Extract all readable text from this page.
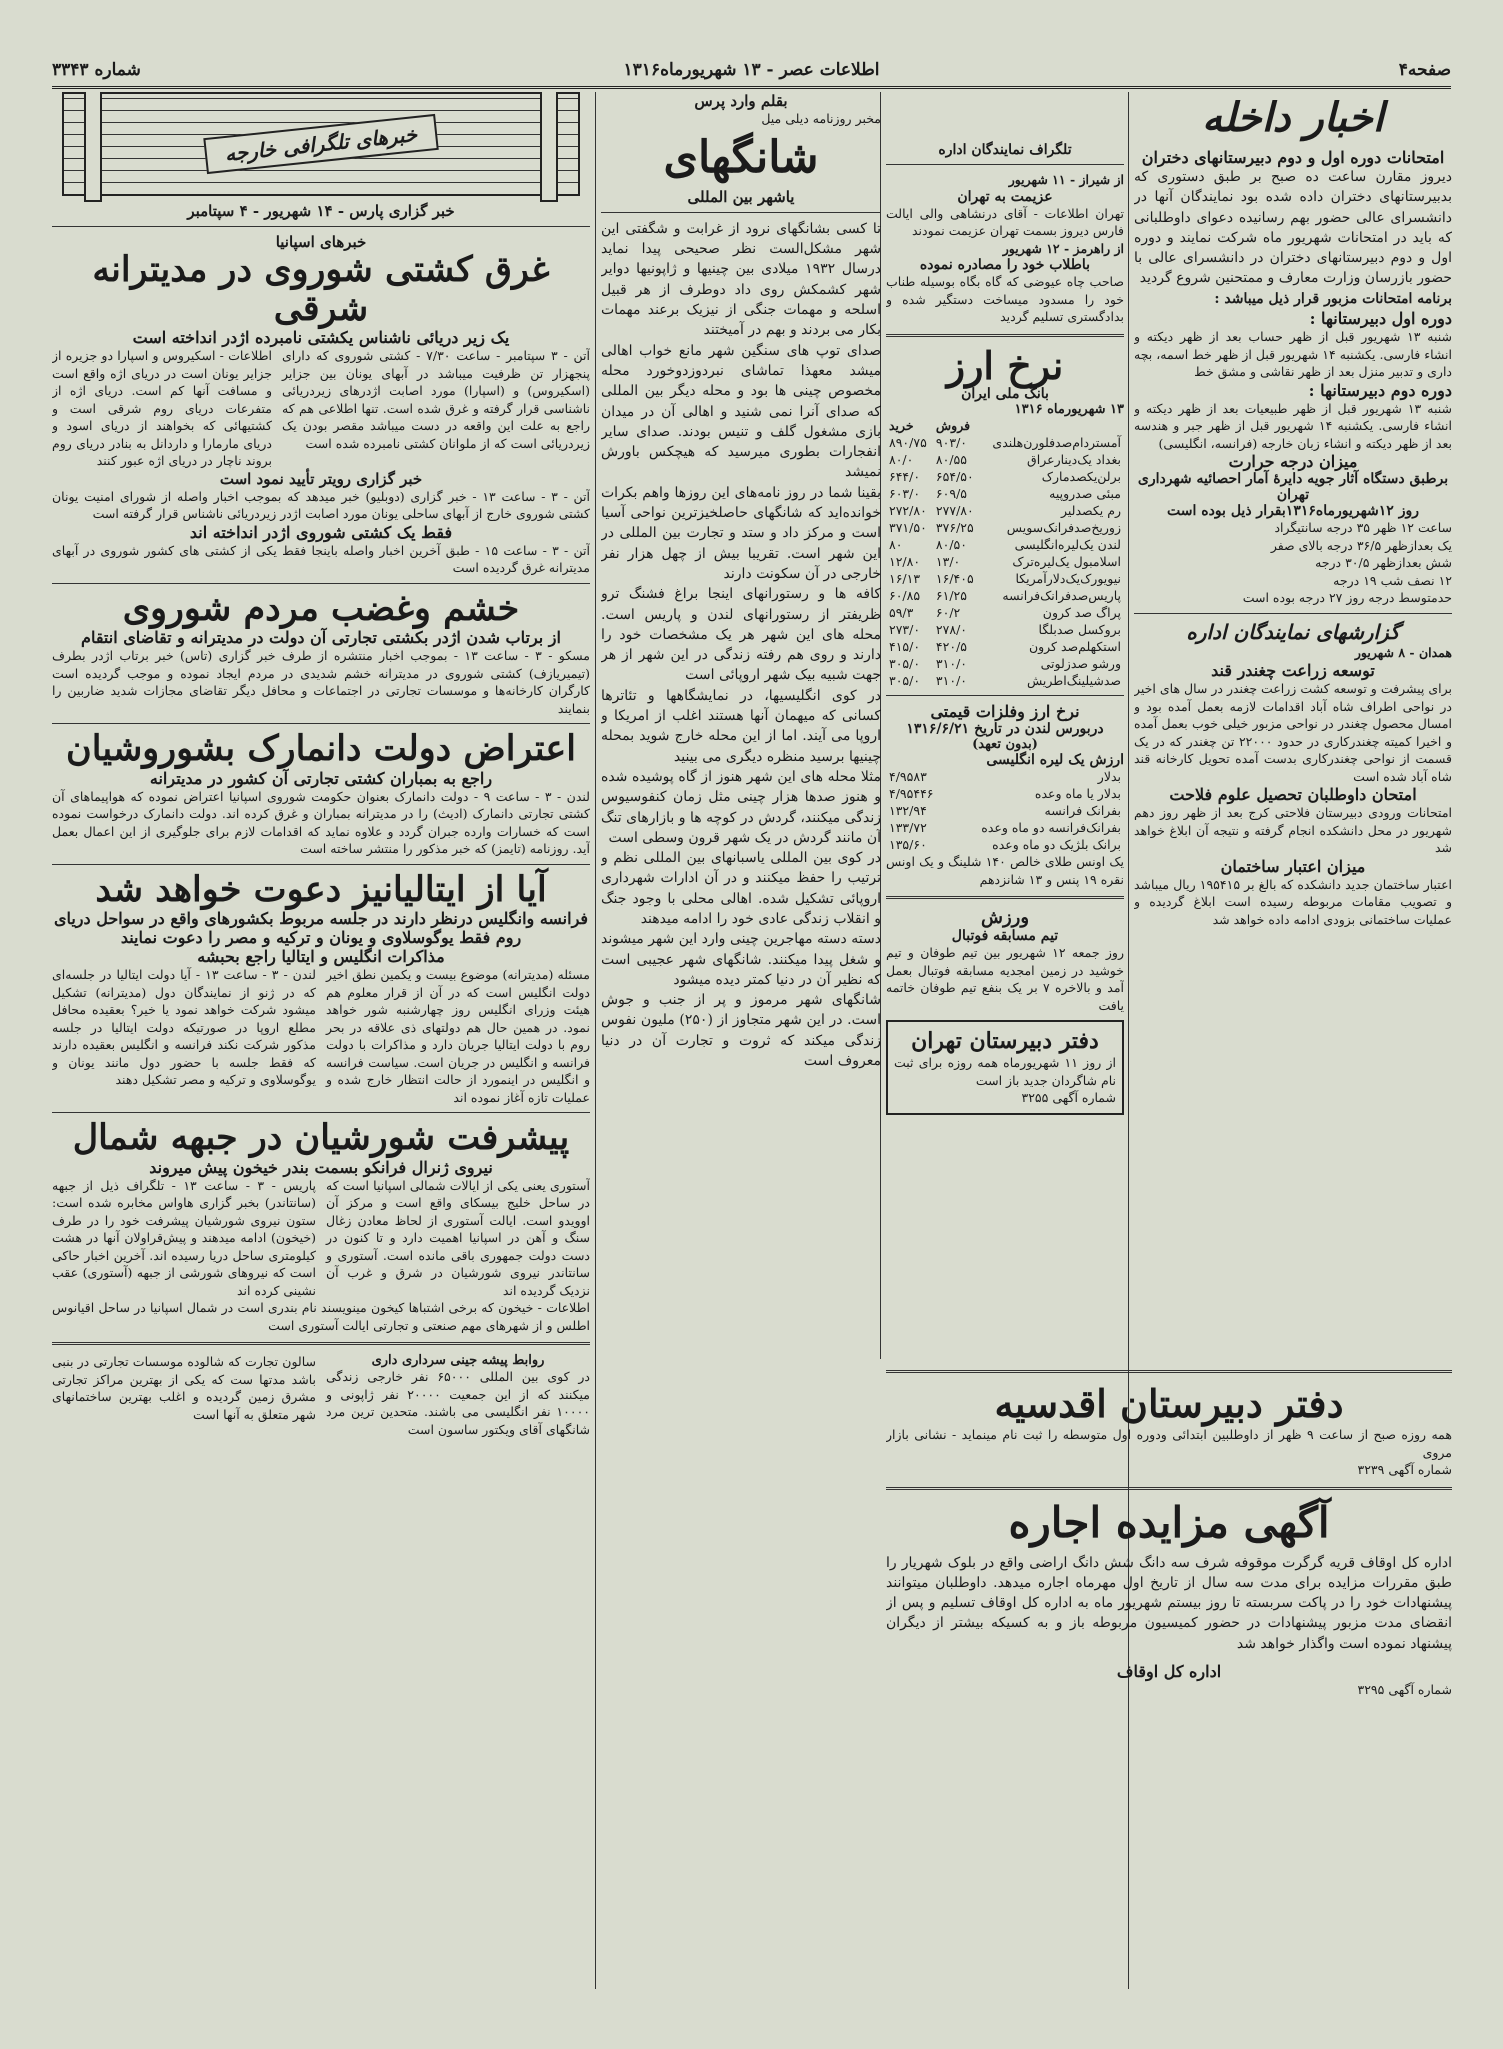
صفحه۴
اطلاعات عصر - ۱۳ شهریورماه۱۳۱۶
شماره ۳۳۴۳
اخبار داخله
امتحانات دوره اول و دوم دبیرستانهای دختران
دیروز مقارن ساعت ده صبح بر طبق دستوری که بدبیرستانهای دختران داده شده بود نمایندگان آنها در دانشسرای عالی حضور بهم رسانیده دعوای داوطلبانی که باید در امتحانات شهریور ماه شرکت نمایند و دوره اول و دوم دبیرستانهای دختران در دانشسرای عالی با حضور بازرسان وزارت معارف و ممتحنین شروع گردید
برنامه امتحانات مزبور قرار ذیل میباشد :
دوره اول دبیرستانها :
شنبه ۱۳ شهریور قبل از ظهر حساب بعد از ظهر دیکته و انشاء فارسی. یکشنبه ۱۴ شهریور قبل از ظهر خط اسمه، بچه داری و تدبیر منزل بعد از ظهر نقاشی و مشق خط
دوره دوم دبیرستانها :
شنبه ۱۳ شهریور قبل از ظهر طبیعیات بعد از ظهر دیکته و انشاء فارسی. یکشنبه ۱۴ شهریور قبل از ظهر جبر و هندسه بعد از ظهر دیکته و انشاء زبان خارجه (فرانسه، انگلیسی)
میزان درجه حرارت
برطبق دستگاه آثار جویه دایرهٔ آمار احصائیه شهرداری تهران
روز ۱۲شهریورماه۱۳۱۶بقرار ذیل بوده است
ساعت ۱۲ ظهر ۳۵ درجه سانتیگراد
یک بعدازظهر ۳۶/۵ درجه بالای صفر
شش بعدازظهر ۳۰/۵ درجه
۱۲ نصف شب ۱۹ درجه
حدمتوسط درجه روز ۲۷ درجه بوده است
گزارشهای نمایندگان اداره
همدان - ۸ شهریور
توسعه زراعت چغندر قند
برای پیشرفت و توسعه کشت زراعت چغندر در سال های اخیر در نواحی اطراف شاه آباد اقدامات لازمه بعمل آمده بود و امسال محصول چغندر در نواحی مزبور خیلی خوب بعمل آمده و اخیرا کمیته چغندرکاری در حدود ۲۲۰۰۰ تن چغندر که در یک قسمت از نواحی چغندرکاری بدست آمده تحویل کارخانه قند شاه آباد شده است
امتحان داوطلبان تحصیل علوم فلاحت
امتحانات ورودی دبیرستان فلاحتی کرج بعد از ظهر روز دهم شهریور در محل دانشکده انجام گرفته و نتیجه آن ابلاغ خواهد شد
میزان اعتبار ساختمان
اعتبار ساختمان جدید دانشکده که بالغ بر ۱۹۵۴۱۵ ریال میباشد و تصویب مقامات مربوطه رسیده است ابلاغ گردیده و عملیات ساختمانی بزودی ادامه داده خواهد شد
تلگراف نمایندگان اداره
از شیراز - ۱۱ شهریور
عزیمت به تهران
تهران اطلاعات - آقای درنشاهی والی ایالت فارس دیروز بسمت تهران عزیمت نمودند
از راهرمز - ۱۲ شهریور
باطلاب خود را مصادره نموده
صاحب چاه عیوضی که گاه بگاه بوسیله طناب خود را مسدود میساخت دستگیر شده و بدادگستری تسلیم گردید
نرخ ارز
بانک ملی ایران
۱۳ شهریورماه ۱۳۱۶
	فروش	خرید
آمستردام‌صدفلورن‌هلندی	۹۰۳/۰	۸۹۰/۷۵
بغداد یک‌دینار‌عراق	۸۰/۵۵	۸۰/۰
برلن‌یکصدمارک	۶۵۴/۵۰	۶۴۴/۰
مبئی صدروپیه	۶۰۹/۵	۶۰۳/۰
رم یکصدلیر	۲۷۷/۸۰	۲۷۲/۸۰
زوریخ‌صدفرانک‌سویس	۳۷۶/۲۵	۳۷۱/۵۰
لندن یک‌لیره‌انگلیسی	۸۰/۵۰	۸۰
اسلامبول یک‌لیره‌ترک	۱۳/۰	۱۲/۸۰
نیویورک‌یک‌دلار‌آمریکا	۱۶/۴۰۵	۱۶/۱۳
پاریس‌صدفرانک‌فرانسه	۶۱/۲۵	۶۰/۸۵
پراگ صد کرون	۶۰/۲	۵۹/۳
بروکسل صدبلگا	۲۷۸/۰	۲۷۳/۰
استکهلم‌صد کرون	۴۲۰/۵	۴۱۵/۰
ورشو صدزلوتی	۳۱۰/۰	۳۰۵/۰
صدشیلینگ‌اطریش	۳۱۰/۰	۳۰۵/۰
نرخ ارز وفلزات قیمتی
دربورس لندن در تاریخ ۱۳۱۶/۶/۲۱
(بدون تعهد)
ارزش یک لیره انگلیسی
بدلار	۴/۹۵۸۳
بدلار یا ماه وعده	۴/۹۵۴۴۶
بفرانک فرانسه	۱۳۲/۹۴
بفرانک‌فرانسه دو ماه وعده	۱۳۳/۷۲
برانک بلژیک دو ماه وعده	۱۳۵/۶۰
یک اونس طلای خالص ۱۴۰ شلینگ و یک اونس نقره ۱۹ پنس و ۱۳ شانزدهم
ورزش
تیم مسابقه فوتبال
روز جمعه ۱۲ شهریور بین تیم طوفان و تیم خوشید در زمین امجدیه مسابقه فوتبال بعمل آمد و بالاخره ۷ بر یک بنفع تیم طوفان خاتمه یافت
دفتر دبیرستان تهران
از روز ۱۱ شهریورماه همه روزه برای ثبت نام شاگردان جدید باز است
شماره آگهی ۳۲۵۵
دفتر دبیرستان اقدسیه
همه روزه صبح از ساعت ۹ ظهر از داوطلبین ابتدائی ودوره اول متوسطه را ثبت نام مینماید - نشانی بازار مروی
شماره آگهی ۳۲۳۹
آگهی مزایده اجاره
اداره کل اوقاف قریه گرگرت موقوفه شرف سه دانگ شش دانگ اراضی واقع در بلوک شهریار را طبق مقررات مزایده برای مدت سه سال از تاریخ اول مهرماه اجاره میدهد. داوطلبان میتوانند پیشنهادات خود را در پاکت سربسته تا روز بیستم شهریور ماه به اداره کل اوقاف تسلیم و پس از انقضای مدت مزبور پیشنهادات در حضور کمیسیون مربوطه باز و به کسیکه بیشتر از دیگران پیشنهاد نموده است واگذار خواهد شد
اداره کل اوقاف
شماره آگهی ۳۲۹۵
بقلم وارد پرس
مخبر روزنامه دیلی میل
شانگهای
یاشهر بین المللی
تا کسی بشانگهای نرود از غرابت و شگفتی این شهر مشکل‌الست نظر صحیحی پیدا نماید درسال ۱۹۳۲ میلادی بین چینیها و ژاپونیها دوایر شهر کشمکش روی داد دوطرف از هر قبیل اسلحه و مهمات جنگی از نیزیک برعند مهمات بکار می بردند و بهم در آمیختند
صدای توپ های سنگین شهر مانع خواب اهالی میشد معهذا تماشای نبردوزدوخورد محله مخصوص چینی ها بود و محله دیگر بین المللی که صدای آنرا نمی شنید و اهالی آن در میدان بازی مشغول گلف و تنیس بودند. صدای سایر انفجارات بطوری میرسید که هیچکس باورش نمیشد
بقینا شما در روز نامه‌های این روزها واهم بکرات خوانده‌اید که شانگهای حاصلخیزترین نواحی آسیا است و مرکز داد و ستد و تجارت بین المللی در این شهر است. تقریبا بیش از چهل هزار نفر خارجی در آن سکونت دارند
کافه ها و رستورانهای اینجا براغ فشنگ ترو ظریفتر از رستورانهای لندن و پاریس است. محله های این شهر هر یک مشخصات خود را دارند و روی هم رفته زندگی در این شهر از هر جهت شبیه بیک شهر اروپائی است
در کوی انگلیسیها، در نمایشگاهها و تئاترها کسانی که میهمان آنها هستند اغلب از امریکا و اروپا می آیند. اما از این محله خارج شوید بمحله چینیها برسید منظره دیگری می بینید
مثلا محله های این شهر هنوز از گاه پوشیده شده و هنوز صدها هزار چینی مثل زمان کنفوسیوس زندگی میکنند، گردش در کوچه ها و بازارهای تنگ آن مانند گردش در یک شهر قرون وسطی است
در کوی بین المللی یاسبانهای بین المللی نظم و ترتیب را حفظ میکنند و در آن ادارات شهرداری اروپائی تشکیل شده. اهالی محلی با وجود جنگ و انقلاب زندگی عادی خود را ادامه میدهند
دسته دسته مهاجرین چینی وارد این شهر میشوند و شغل پیدا میکنند. شانگهای شهر عجیبی است که نظیر آن در دنیا کمتر دیده میشود
شانگهای شهر مرموز و پر از جنب و جوش است. در این شهر متجاوز از (۲۵۰) ملیون نفوس زندگی میکند که ثروت و تجارت آن در دنیا معروف است
خبرهای تلگرافی خارجه
خبر گزاری پارس - ۱۴ شهریور - ۴ سپتامبر
خبرهای اسپانیا
غرق کشتی شوروی در مدیترانه شرقی
یک زیر دریائی ناشناس یکشتی نامبرده اژدر انداخته است
آتن - ۳ سپتامبر - ساعت ۷/۳۰ - کشتی شوروی که دارای پنجهزار تن ظرفیت میباشد در آبهای یونان بین جزایر (اسکیروس) و (اسپارا) مورد اصابت اژدرهای زیردریائی ناشناسی قرار گرفته و غرق شده است. تنها اطلاعی هم که راجع به علت این واقعه در دست میباشد مقصر بودن یک زیردریائی است که از ملوانان کشتی نامبرده شده است
اطلاعات - اسکیروس و اسپارا دو جزیره از جزایر یونان است در دریای اژه واقع است و مسافت آنها کم است. دریای اژه از متفرعات دریای روم شرقی است و کشتیهائی که بخواهند از دریای اسود و دریای مارمارا و داردانل به بنادر دریای روم بروند ناچار در دریای اژه عبور کنند
خبر گزاری رویتر تأیید نمود است
آتن - ۳ - ساعت ۱۳ - خبر گزاری (دوبلیو) خبر میدهد که بموجب اخبار واصله از شورای امنیت یونان کشتی شوروی خارج از آبهای ساحلی یونان مورد اصابت اژدر زیردریائی ناشناس قرار گرفته است
فقط یک کشتی شوروی اژدر انداخته اند
آتن - ۳ - ساعت ۱۵ - طبق آخرین اخبار واصله باینجا فقط یکی از کشتی های کشور شوروی در آبهای مدیترانه غرق گردیده است
خشم وغضب مردم شوروی
از برتاب شدن اژدر بکشتی تجارتی آن دولت در مدیترانه و تقاضای انتقام
مسکو - ۳ - ساعت ۱۳ - بموجب اخبار منتشره از طرف خبر گزاری (تاس) خبر برتاب اژدر بطرف (تیمیریازف) کشتی شوروی در مدیترانه خشم شدیدی در مردم ایجاد نموده و موجب گردیده است کارگران کارخانه‌ها و موسسات تجارتی در اجتماعات و محافل دیگر تقاضای مجازات شدید ضاربین را بنمایند
اعتراض دولت دانمارک بشوروشیان
راجع به بمباران کشتی تجارتی آن کشور در مدیترانه
لندن - ۳ - ساعت ۹ - دولت دانمارک بعنوان حکومت شوروی اسپانیا اعتراض نموده که هواپیماهای آن کشتی تجارتی دانمارک (ادیث) را در مدیترانه بمباران و غرق کرده اند. دولت دانمارک درخواست نموده است که خسارات وارده جبران گردد و علاوه نماید که اقدامات لازم برای جلوگیری از این اعمال بعمل آید. روزنامه (تایمز) که خبر مذکور را منتشر ساخته است
آیا از ایتالیانیز دعوت خواهد شد
فرانسه وانگلیس درنظر دارند در جلسه مربوط بکشورهای واقع در سواحل دریای روم فقط یوگوسلاوی و یونان و ترکیه و مصر را دعوت نمایند
مذاکرات انگلیس و ایتالیا راجع بحبشه
مسئله (مدیترانه) موضوع بیست و یکمین نطق اخیر دولت انگلیس است که در آن از قرار معلوم هم هیئت وزرای انگلیس روز چهارشنبه شور خواهد نمود. در همین حال هم دولتهای ذی علاقه در بحر روم با دولت ایتالیا جریان دارد و مذاکرات با دولت فرانسه و انگلیس در جریان است. سیاست فرانسه و انگلیس در اینمورد از حالت انتظار خارج شده و عملیات تازه آغاز نموده اند
لندن - ۳ - ساعت ۱۳ - آیا دولت ایتالیا در جلسه‌ای که در ژنو از نمایندگان دول (مدیترانه) تشکیل میشود شرکت خواهد نمود یا خیر؟ بعقیده محافل مطلع اروپا در صورتیکه دولت ایتالیا در جلسه مذکور شرکت نکند فرانسه و انگلیس بعقیده دارند که فقط جلسه با حضور دول مانند یونان و یوگوسلاوی و ترکیه و مصر تشکیل دهند
پیشرفت شورشیان در جبهه شمال
نیروی ژنرال فرانکو بسمت بندر خیخون پیش میروند
آستوری یعنی یکی از ایالات شمالی اسپانیا است که در ساحل خلیج بیسکای واقع است و مرکز آن اوویدو است. ایالت آستوری از لحاظ معادن زغال سنگ و آهن در اسپانیا اهمیت دارد و تا کنون در دست دولت جمهوری باقی مانده است. آستوری و سانتاندر نیروی شورشیان در شرق و غرب آن نزدیک گردیده اند
پاریس - ۳ - ساعت ۱۳ - تلگراف ذیل از جبهه (سانتاندر) بخبر گزاری هاواس مخابره شده است: ستون نیروی شورشیان پیشرفت خود را در طرف (خیخون) ادامه میدهند و پیش‌قراولان آنها در هشت کیلومتری ساحل دریا رسیده اند. آخرین اخبار حاکی است که نیروهای شورشی از جبهه (آستوری) عقب نشینی کرده اند
اطلاعات - خیخون که برخی اشتباها کیخون مینویسند نام بندری است در شمال اسپانیا در ساحل اقیانوس اطلس و از شهرهای مهم صنعتی و تجارتی ایالت آستوری است
روابط پیشه جینی سرداری داری
در کوی بین المللی ۶۵۰۰۰ نفر خارجی زندگی میکنند که از این جمعیت ۲۰۰۰۰ نفر ژاپونی و ۱۰۰۰۰ نفر انگلیسی می باشند. متحدین ترین مرد شانگهای آقای ویکتور ساسون است
سالون تجارت که شالوده موسسات تجارتی در بنبی باشد مدتها ست که یکی از بهترین مراکز تجارتی مشرق زمین گردیده و اغلب بهترین ساختمانهای شهر متعلق به آنها است
